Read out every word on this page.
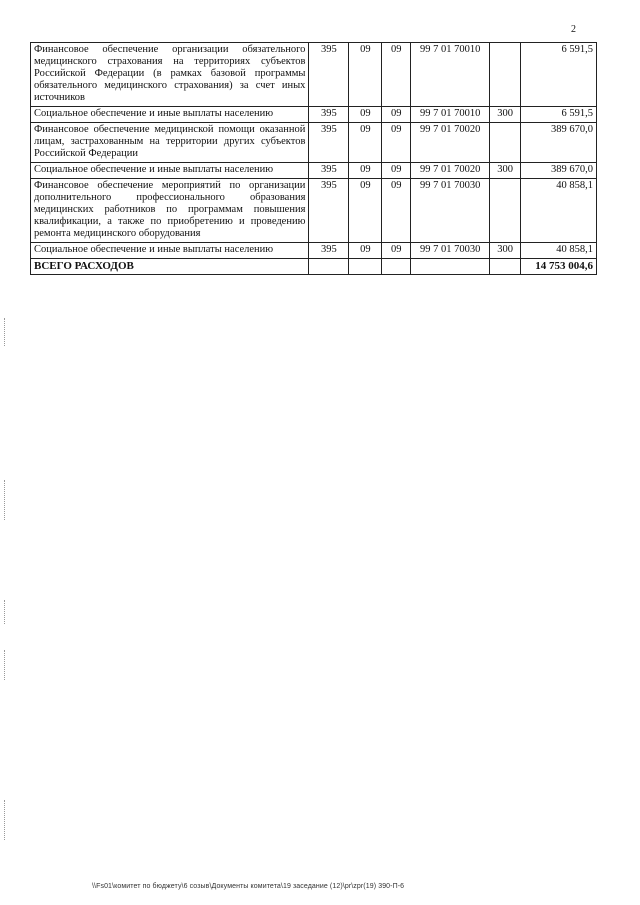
2
Финансовое обеспечение организации обязательного медицинского страхования на территориях субъектов Российской Федерации (в рамках базовой программы обязательного медицинского страхования) за счет иных источников	395	09	09	99 7 01 70010		6 591,5
Социальное обеспечение и иные выплаты населению	395	09	09	99 7 01 70010	300	6 591,5
Финансовое обеспечение медицинской помощи оказанной лицам, застрахованным на территории других субъектов Российской Федерации	395	09	09	99 7 01 70020		389 670,0
Социальное обеспечение и иные выплаты населению	395	09	09	99 7 01 70020	300	389 670,0
Финансовое обеспечение мероприятий по организации дополнительного профессионального образования медицинских работников по программам повышения квалификации, а также по приобретению и проведению ремонта медицинского оборудования	395	09	09	99 7 01 70030		40 858,1
Социальное обеспечение и иные выплаты населению	395	09	09	99 7 01 70030	300	40 858,1
ВСЕГО РАСХОДОВ						14 753 004,6
\\Fs01\комитет по бюджету\6 созыв\Документы комитета\19 заседание (12)\pr\zpr(19) 390-П-6
